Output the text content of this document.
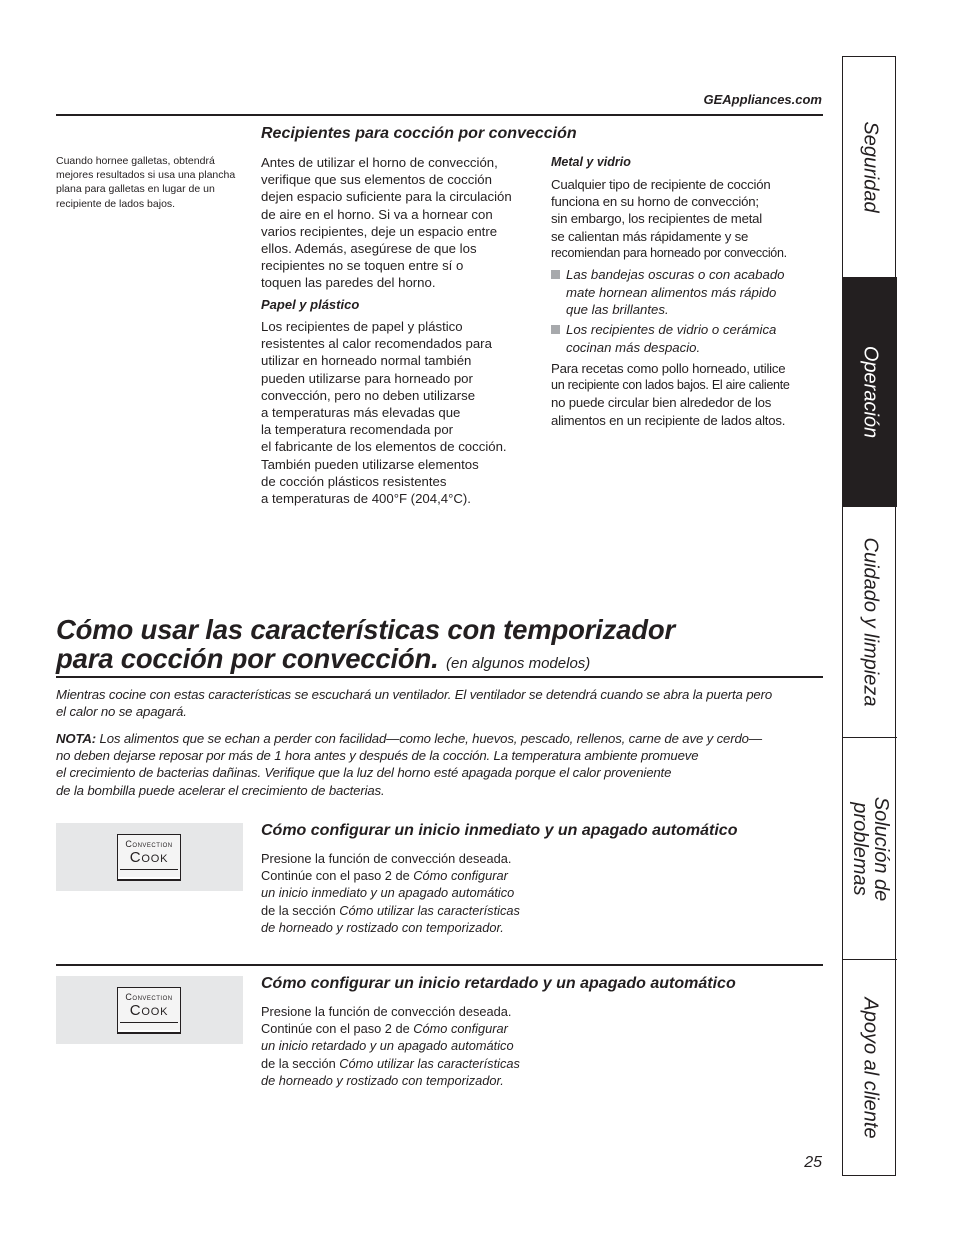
GEAppliances.com
Cuando hornee galletas, obtendrá
mejores resultados si usa una plancha
plana para galletas en lugar de un
recipiente de lados bajos.
Recipientes para cocción por convección
Antes de utilizar el horno de convección,
verifique que sus elementos de cocción
dejen espacio suficiente para la circulación
de aire en el horno. Si va a hornear con
varios recipientes, deje un espacio entre
ellos. Además, asegúrese de que los
recipientes no se toquen entre sí o
toquen las paredes del horno.
Papel y plástico
Los recipientes de papel y plástico
resistentes al calor recomendados para
utilizar en horneado normal también
pueden utilizarse para horneado por
convección, pero no deben utilizarse
a temperaturas más elevadas que
la temperatura recomendada por
el fabricante de los elementos de cocción.
También pueden utilizarse elementos
de cocción plásticos resistentes
a temperaturas de 400°F (204,4°C).
Metal y vidrio
Cualquier tipo de recipiente de cocción
funciona en su horno de convección;
sin embargo, los recipientes de metal
se calientan más rápidamente y se
recomiendan para horneado por convección.
Las bandejas oscuras o con acabado
mate hornean alimentos más rápido
que las brillantes.
Los recipientes de vidrio o cerámica
cocinan más despacio.
Para recetas como pollo horneado, utilice
un recipiente con lados bajos. El aire caliente
no puede circular bien alrededor de los
alimentos en un recipiente de lados altos.
Cómo usar las características con temporizador
para cocción por convección. (en algunos modelos)
Mientras cocine con estas características se escuchará un ventilador. El ventilador se detendrá cuando se abra la puerta pero
el calor no se apagará.
NOTA: Los alimentos que se echan a perder con facilidad—como leche, huevos, pescado, rellenos, carne de ave y cerdo—
no deben dejarse reposar por más de 1 hora antes y después de la cocción. La temperatura ambiente promueve
el crecimiento de bacterias dañinas. Verifique que la luz del horno esté apagada porque el calor proveniente
de la bombilla puede acelerar el crecimiento de bacterias.
Convection
Cook
Cómo configurar un inicio inmediato y un apagado automático
Presione la función de convección deseada.
Continúe con el paso 2 de Cómo configurar
un inicio inmediato y un apagado automático
de la sección Cómo utilizar las características
de horneado y rostizado con temporizador.
Convection
Cook
Cómo configurar un inicio retardado y un apagado automático
Presione la función de convección deseada.
Continúe con el paso 2 de Cómo configurar
un inicio retardado y un apagado automático
de la sección Cómo utilizar las características
de horneado y rostizado con temporizador.
25
Seguridad
Operación
Cuidado y limpieza
Solución de
problemas
Apoyo al cliente
